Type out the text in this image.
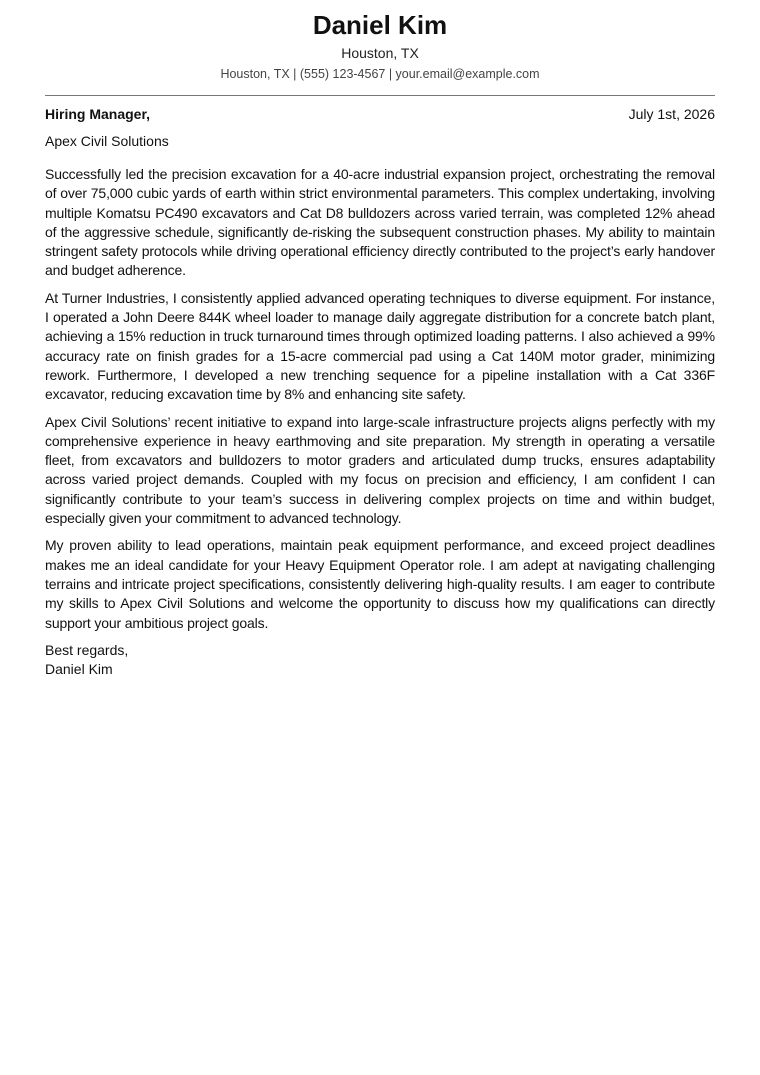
Daniel Kim
Houston, TX
Houston, TX | (555) 123-4567 | your.email@example.com
Hiring Manager,	July 1st, 2026
Apex Civil Solutions

Successfully led the precision excavation for a 40-acre industrial expansion project, orchestrating the removal of over 75,000 cubic yards of earth within strict environmental parameters. This complex undertaking, involving multiple Komatsu PC490 excavators and Cat D8 bulldozers across varied terrain, was completed 12% ahead of the aggressive schedule, significantly de-risking the subsequent construction phases. My ability to maintain stringent safety protocols while driving operational efficiency directly contributed to the project’s early handover and budget adherence.

At Turner Industries, I consistently applied advanced operating techniques to diverse equipment. For instance, I operated a John Deere 844K wheel loader to manage daily aggregate distribution for a concrete batch plant, achieving a 15% reduction in truck turnaround times through optimized loading patterns. I also achieved a 99% accuracy rate on finish grades for a 15-acre commercial pad using a Cat 140M motor grader, minimizing rework. Furthermore, I developed a new trenching sequence for a pipeline installation with a Cat 336F excavator, reducing excavation time by 8% and enhancing site safety.

Apex Civil Solutions’ recent initiative to expand into large-scale infrastructure projects aligns perfectly with my comprehensive experience in heavy earthmoving and site preparation. My strength in operating a versatile fleet, from excavators and bulldozers to motor graders and articulated dump trucks, ensures adaptability across varied project demands. Coupled with my focus on precision and efficiency, I am confident I can significantly contribute to your team’s success in delivering complex projects on time and within budget, especially given your commitment to advanced technology.

My proven ability to lead operations, maintain peak equipment performance, and exceed project deadlines makes me an ideal candidate for your Heavy Equipment Operator role. I am adept at navigating challenging terrains and intricate project specifications, consistently delivering high-quality results. I am eager to contribute my skills to Apex Civil Solutions and welcome the opportunity to discuss how my qualifications can directly support your ambitious project goals.

Best regards,
Daniel Kim
